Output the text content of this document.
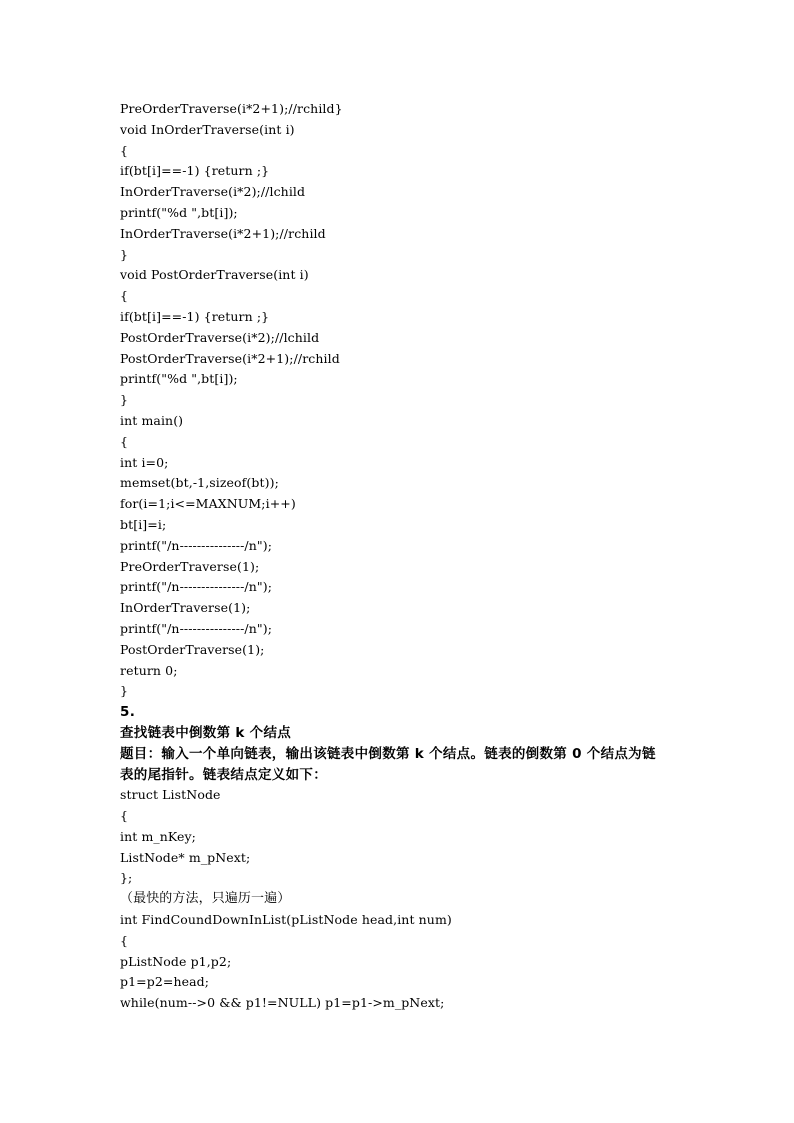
PreOrderTraverse(i*2+1);//rchild}
void InOrderTraverse(int i)
{
if(bt[i]==-1) {return ;}
InOrderTraverse(i*2);//lchild
printf("%d ",bt[i]);
InOrderTraverse(i*2+1);//rchild
}
void PostOrderTraverse(int i)
{
if(bt[i]==-1) {return ;}
PostOrderTraverse(i*2);//lchild
PostOrderTraverse(i*2+1);//rchild
printf("%d ",bt[i]);
}
int main()
{
int i=0;
memset(bt,-1,sizeof(bt));
for(i=1;i<=MAXNUM;i++)
bt[i]=i;
printf("/n---------------/n");
PreOrderTraverse(1);
printf("/n---------------/n");
InOrderTraverse(1);
printf("/n---------------/n");
PostOrderTraverse(1);
return 0;
}
5.
查找链表中倒数第 k 个结点
题目：输入一个单向链表，输出该链表中倒数第 k 个结点。链表的倒数第 0 个结点为链
表的尾指针。链表结点定义如下：
struct ListNode
{
int m_nKey;
ListNode* m_pNext;
};
（最快的方法，只遍历一遍）
int FindCoundDownInList(pListNode head,int num)
{
pListNode p1,p2;
p1=p2=head;
while(num-->0 && p1!=NULL) p1=p1->m_pNext;
